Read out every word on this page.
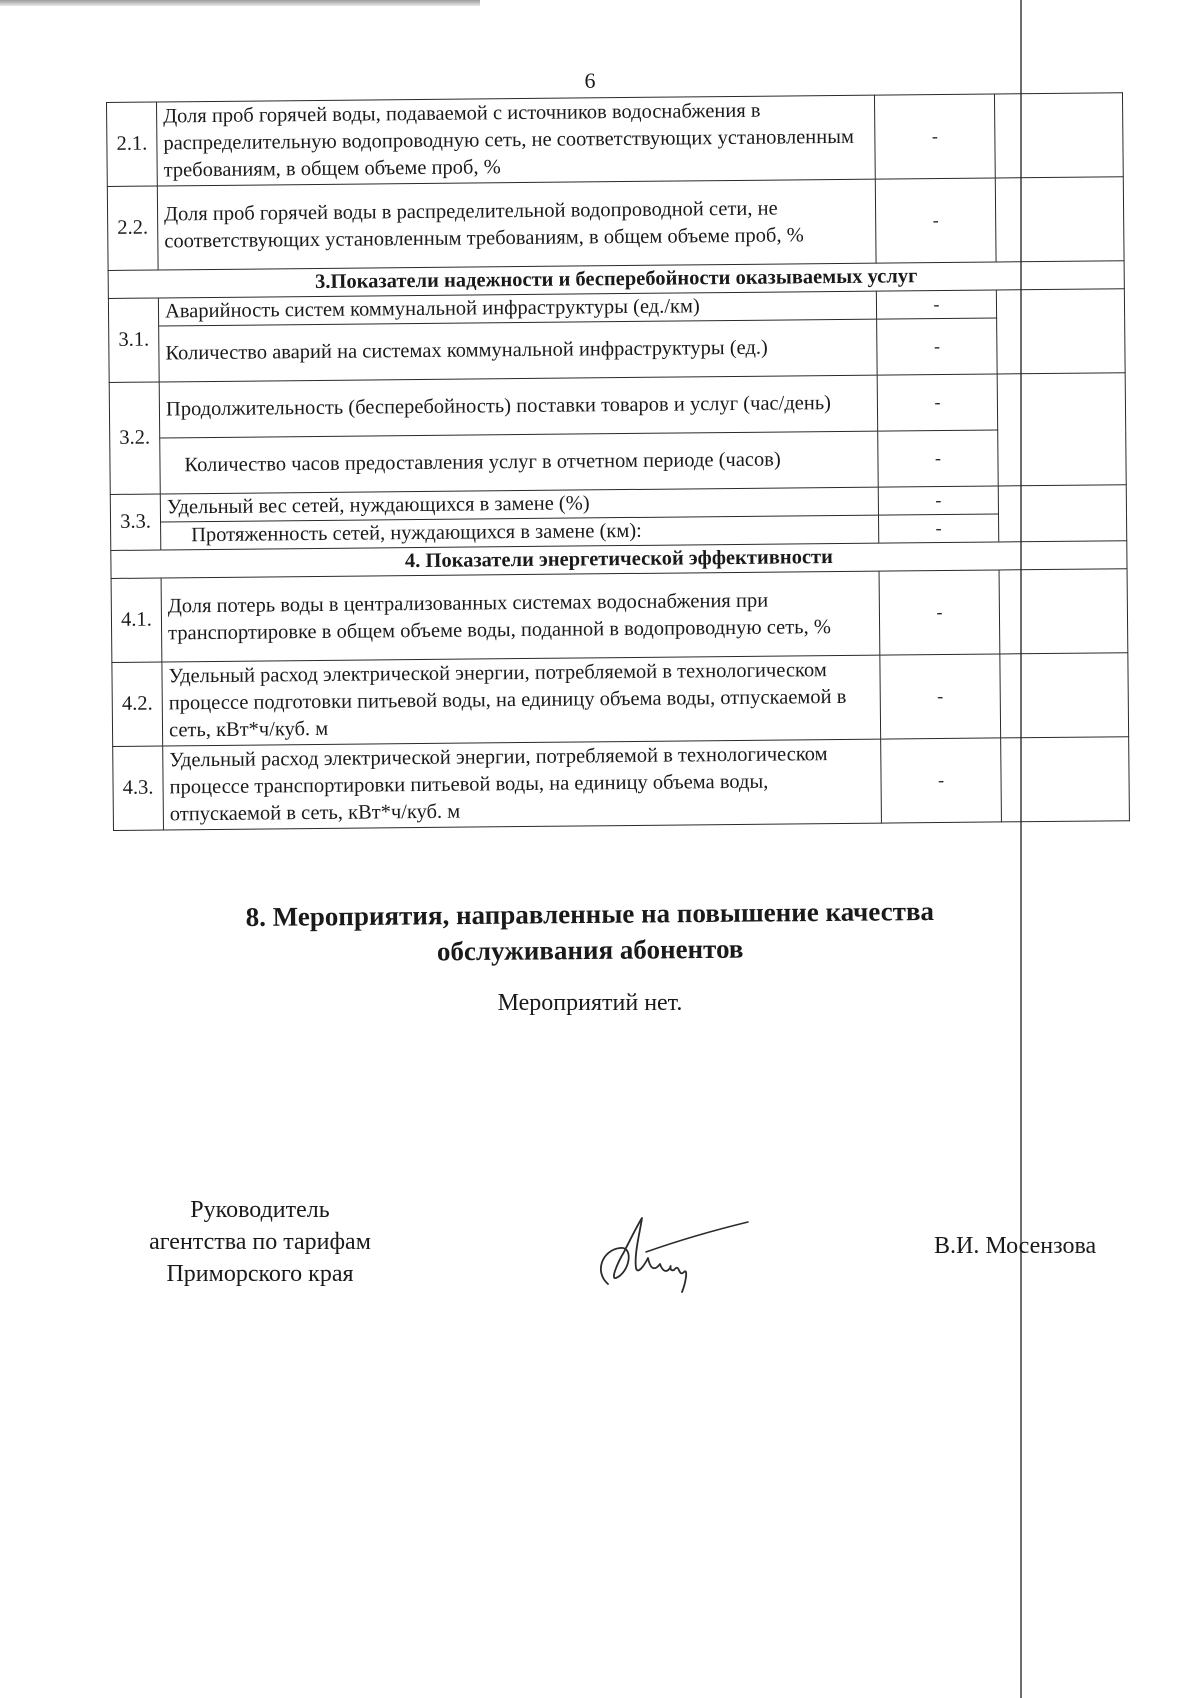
6
2.1.	Доля проб горячей воды, подаваемой с источников водоснабжения в распределительную водопроводную сеть, не соответствующих установленным требованиям, в общем объеме проб, %	-	
2.2.	Доля проб горячей воды в распределительной водопроводной сети, не соответствующих установленным требованиям, в общем объеме проб, %	-	
3.Показатели надежности и бесперебойности оказываемых услуг			
3.1.	Аварийность систем коммунальной инфраструктуры (ед./км)	-	
	Количество аварий на системах коммунальной инфраструктуры (ед.)	-	
3.2.	Продолжительность (бесперебойность) поставки товаров и услуг (час/день)	-	
	Количество часов предоставления услуг в отчетном периоде (часов)	-	
3.3.	Удельный вес сетей, нуждающихся в замене (%)	-	
	Протяженность сетей, нуждающихся в замене (км):	-	
4. Показатели энергетической эффективности			
4.1.	Доля потерь воды в централизованных системах водоснабжения при транспортировке в общем объеме воды, поданной в водопроводную сеть, %	-	
4.2.	Удельный расход электрической энергии, потребляемой в технологическом процессе подготовки питьевой воды, на единицу объема воды, отпускаемой в сеть, кВт*ч/куб. м	-	
4.3.	Удельный расход электрической энергии, потребляемой в технологическом процессе транспортировки питьевой воды, на единицу объема воды, отпускаемой в сеть, кВт*ч/куб. м	-	
8. Мероприятия, направленные на повышение качества
обслуживания абонентов
Мероприятий нет.
Руководитель
агентства по тарифам
Приморского края
В.И. Мосензова
